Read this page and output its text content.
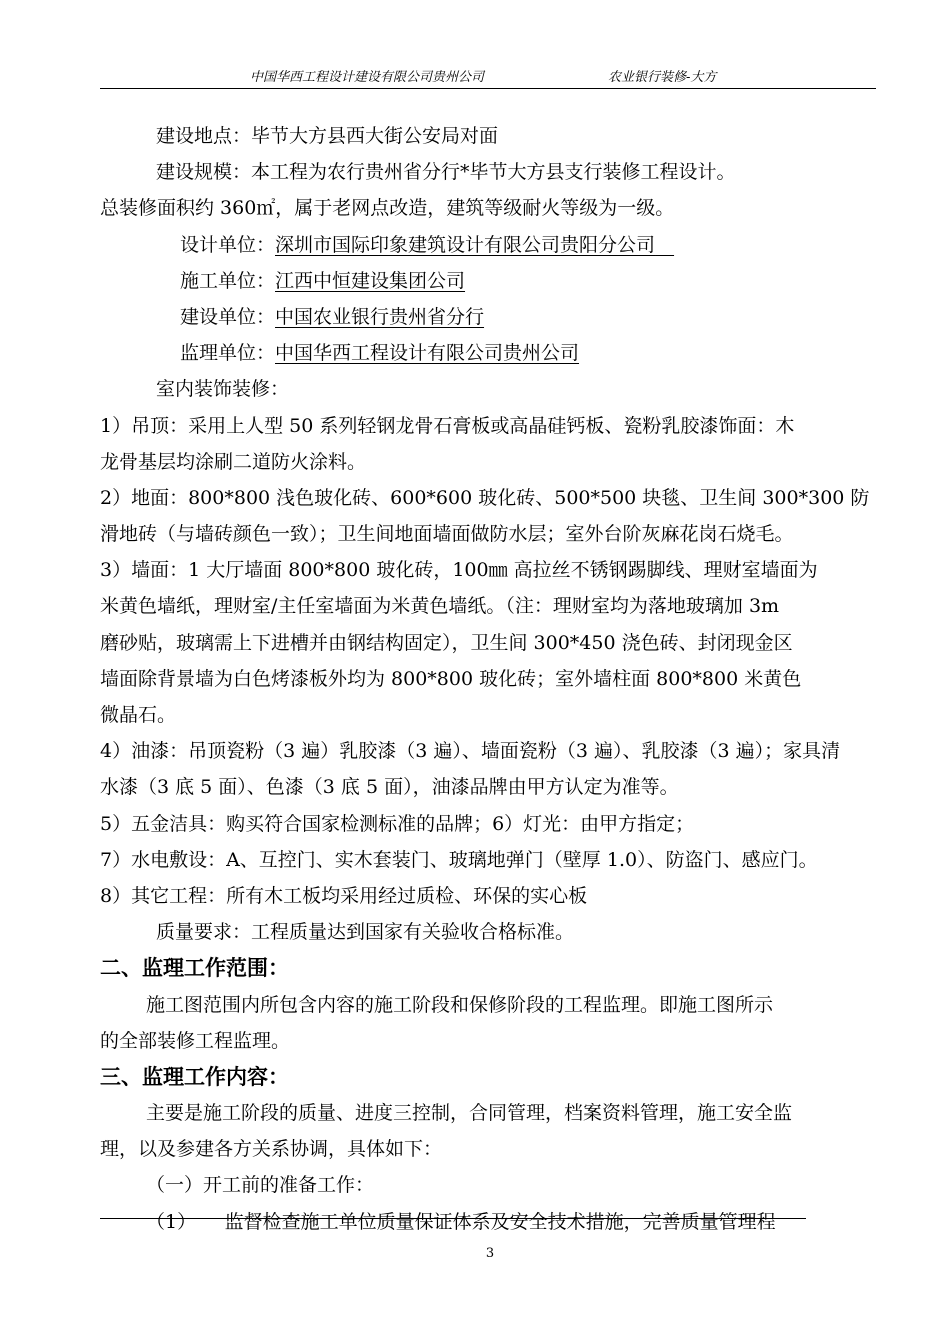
中国华西工程设计建设有限公司贵州公司	农业银行装修-大方
建设地点：毕节大方县西大街公安局对面
建设规模：本工程为农行贵州省分行*毕节大方县支行装修工程设计。
总装修面积约 360㎡，属于老网点改造，建筑等级耐火等级为一级。
设计单位：深圳市国际印象建筑设计有限公司贵阳分公司　
施工单位：江西中恒建设集团公司
建设单位：中国农业银行贵州省分行
监理单位：中国华西工程设计有限公司贵州公司
室内装饰装修：
1）吊顶：采用上人型 50 系列轻钢龙骨石膏板或高晶硅钙板、瓷粉乳胶漆饰面：木
龙骨基层均涂刷二道防火涂料。
2）地面：800*800 浅色玻化砖、600*600 玻化砖、500*500 块毯、卫生间 300*300 防
滑地砖（与墙砖颜色一致）；卫生间地面墙面做防水层；室外台阶灰麻花岗石烧毛。
3）墙面：1 大厅墙面 800*800 玻化砖，100㎜ 高拉丝不锈钢踢脚线、理财室墙面为
米黄色墙纸，理财室/主任室墙面为米黄色墙纸。（注：理财室均为落地玻璃加 3m
磨砂贴，玻璃需上下进槽并由钢结构固定），卫生间 300*450 浇色砖、封闭现金区
墙面除背景墙为白色烤漆板外均为 800*800 玻化砖；室外墙柱面 800*800 米黄色
微晶石。
4）油漆：吊顶瓷粉（3 遍）乳胶漆（3 遍）、墙面瓷粉（3 遍）、乳胶漆（3 遍）；家具清
水漆（3 底 5 面）、色漆（3 底 5 面），油漆品牌由甲方认定为准等。
5）五金洁具：购买符合国家检测标准的品牌；6）灯光：由甲方指定；
7）水电敷设：A、互控门、实木套装门、玻璃地弹门（壁厚 1.0）、防盗门、感应门。
8）其它工程：所有木工板均采用经过质检、环保的实心板
质量要求：工程质量达到国家有关验收合格标准。
二、监理工作范围：
施工图范围内所包含内容的施工阶段和保修阶段的工程监理。即施工图所示
的全部装修工程监理。
三、监理工作内容：
主要是施工阶段的质量、进度三控制，合同管理，档案资料管理，施工安全监
理，以及参建各方关系协调，具体如下：
（一）开工前的准备工作：
（1）　　监督检查施工单位质量保证体系及安全技术措施，完善质量管理程
3
